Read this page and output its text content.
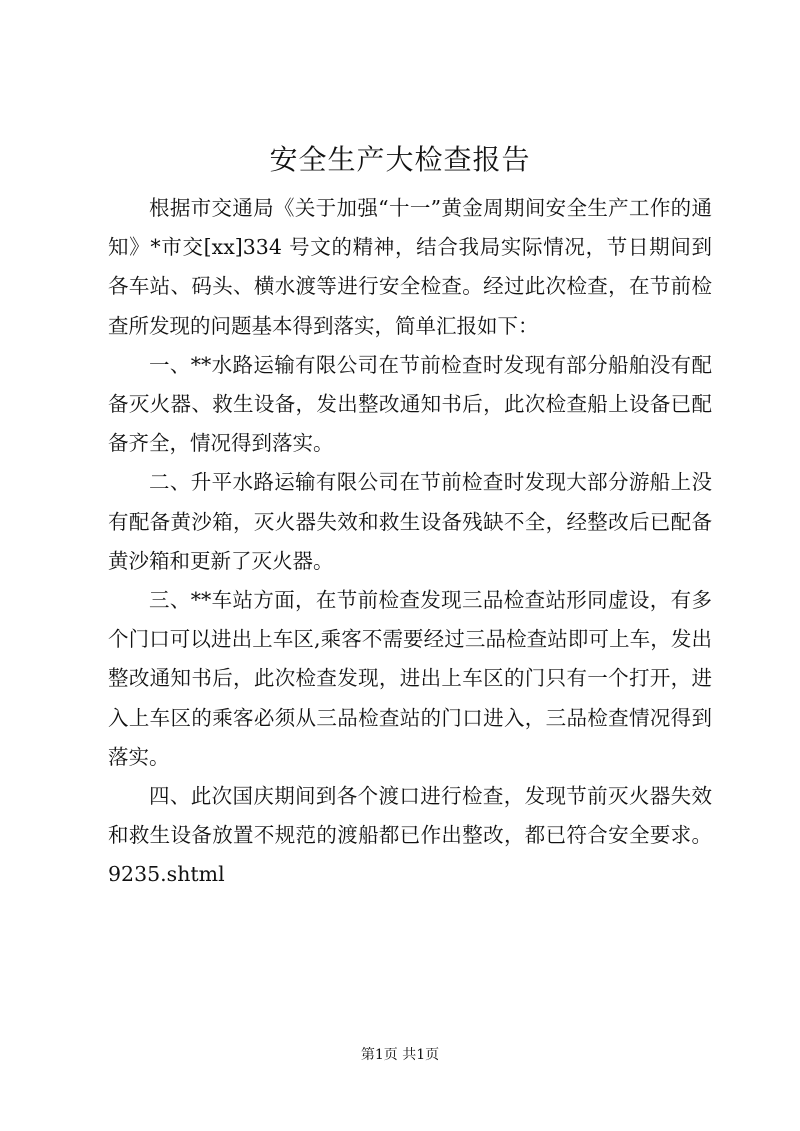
安全生产大检查报告

根据市交通局《关于加强“十一”黄金周期间安全生产工作的通知》*市交[xx]334 号文的精神，结合我局实际情况，节日期间到各车站、码头、横水渡等进行安全检查。经过此次检查，在节前检查所发现的问题基本得到落实，简单汇报如下：

一、**水路运输有限公司在节前检查时发现有部分船舶没有配备灭火器、救生设备，发出整改通知书后，此次检查船上设备已配备齐全，情况得到落实。

二、升平水路运输有限公司在节前检查时发现大部分游船上没有配备黄沙箱，灭火器失效和救生设备残缺不全，经整改后已配备黄沙箱和更新了灭火器。

三、**车站方面，在节前检查发现三品检查站形同虚设，有多个门口可以进出上车区,乘客不需要经过三品检查站即可上车，发出整改通知书后，此次检查发现，进出上车区的门只有一个打开，进入上车区的乘客必须从三品检查站的门口进入，三品检查情况得到落实。

四、此次国庆期间到各个渡口进行检查，发现节前灭火器失效和救生设备放置不规范的渡船都已作出整改，都已符合安全要求。9235.shtml

第1页 共1页
